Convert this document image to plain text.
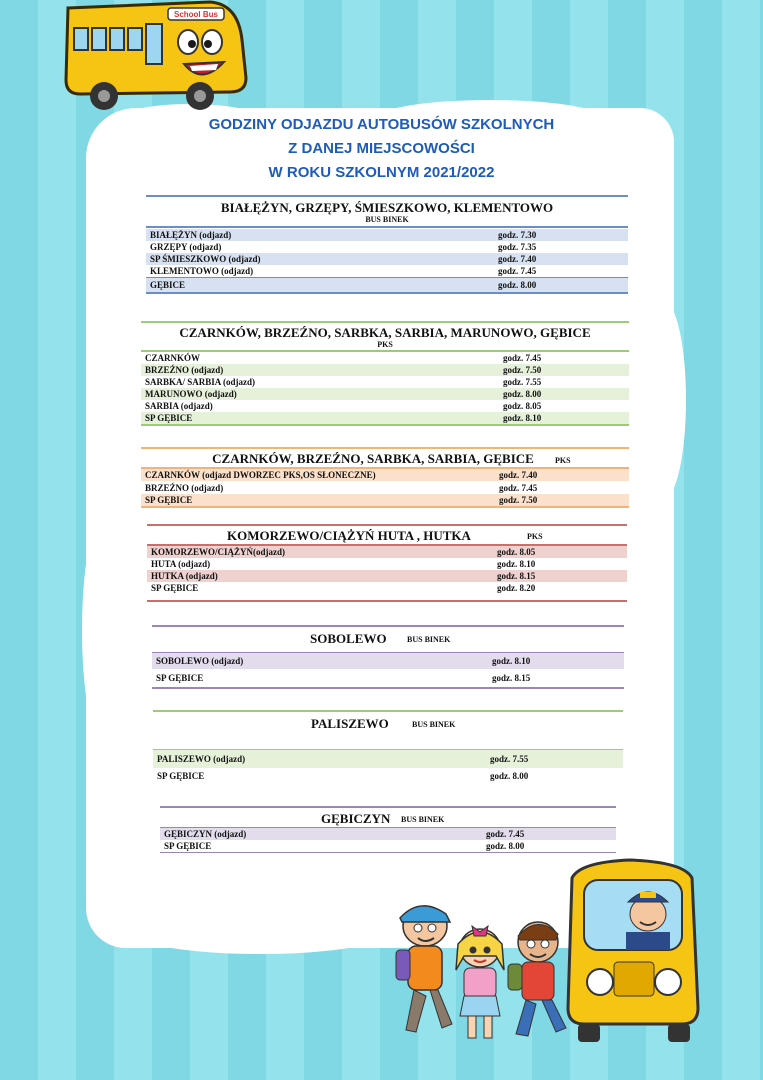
School Bus
GODZINY ODJAZDU AUTOBUSÓW SZKOLNYCH
Z DANEJ MIEJSCOWOŚCI
W ROKU SZKOLNYM 2021/2022
BIAŁĘŻYN, GRZĘPY, ŚMIESZKOWO, KLEMENTOWO
BUS BINEK
BIAŁĘŻYN (odjazd)	godz. 7.30
GRZĘPY (odjazd)	godz. 7.35
SP ŚMIESZKOWO (odjazd)	godz. 7.40
KLEMENTOWO (odjazd)	godz. 7.45
GĘBICE	godz. 8.00
CZARNKÓW, BRZEŹNO, SARBKA, SARBIA, MARUNOWO, GĘBICE
PKS
CZARNKÓW	godz. 7.45
BRZEŹNO (odjazd)	godz. 7.50
SARBKA/ SARBIA (odjazd)	godz. 7.55
MARUNOWO (odjazd)	godz. 8.00
SARBIA (odjazd)	godz. 8.05
SP GĘBICE	godz. 8.10
CZARNKÓW, BRZEŹNO, SARBKA, SARBIA, GĘBICE	PKS
CZARNKÓW (odjazd DWORZEC PKS,OS SŁONECZNE)	godz. 7.40
BRZEŹNO (odjazd)	godz. 7.45
SP GĘBICE	godz. 7.50
KOMORZEWO/CIĄŻYŃ HUTA , HUTKA	PKS
KOMORZEWO/CIĄŻYŃ(odjazd)	godz. 8.05
HUTA (odjazd)	godz. 8.10
HUTKA (odjazd)	godz. 8.15
SP GĘBICE	godz. 8.20
SOBOLEWO	BUS BINEK
SOBOLEWO (odjazd)	godz. 8.10
SP GĘBICE	godz. 8.15
PALISZEWO	BUS BINEK
PALISZEWO (odjazd)	godz. 7.55
SP GĘBICE	godz. 8.00
GĘBICZYN BUS BINEK
GĘBICZYN (odjazd)	godz. 7.45
SP GĘBICE	godz. 8.00
